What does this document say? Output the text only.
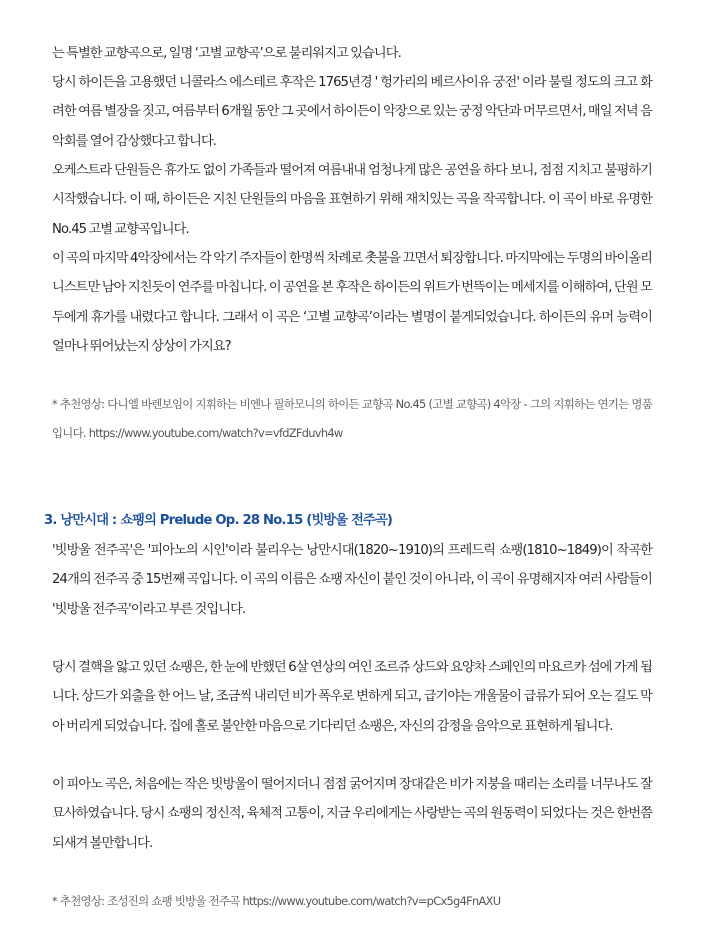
는 특별한 교향곡으로, 일명 ‘고별 교향곡’으로 불리워지고 있습니다.
당시 하이든을 고용했던 니콜라스 에스테르 후작은 1765년경 ' 헝가리의 베르사이유 궁전' 이라 불릴 정도의 크고 화려한 여름 별장을 짓고, 여름부터 6개월 동안 그 곳에서 하이든이 악장으로 있는 궁정 악단과 머무르면서, 매일 저녁 음악회를 열어 감상했다고 합니다.
오케스트라 단원들은 휴가도 없이 가족들과 떨어져 여름내내 엄청나게 많은 공연을 하다 보니, 점점 지치고 불평하기 시작했습니다. 이 때, 하이든은 지친 단원들의 마음을 표현하기 위해 재치있는 곡을 작곡합니다. 이 곡이 바로 유명한 No.45 고별 교향곡입니다.
이 곡의 마지막 4악장에서는 각 악기 주자들이 한명씩 차례로 촛불을 끄면서 퇴장합니다. 마지막에는 두명의 바이올리니스트만 남아 지친듯이 연주를 마칩니다. 이 공연을 본 후작은 하이든의 위트가 번뜩이는 메세지를 이해하여, 단원 모두에게 휴가를 내렸다고 합니다. 그래서 이 곡은 ‘고별 교향곡’이라는 별명이 붙게되었습니다. 하이든의 유머 능력이 얼마나 뛰어났는지 상상이 가지요?
* 추천영상: 다니엘 바렌보임이 지휘하는 비엔나 필하모니의 하이든 교향곡 No.45 (고별 교향곡) 4악장 - 그의 지휘하는 연기는 명품입니다. https://www.youtube.com/watch?v=vfdZFduvh4w
3. 낭만시대 : 쇼팽의 Prelude Op. 28 No.15 (빗방울 전주곡)
'빗방울 전주곡'은 '피아노의 시인'이라 불리우는 낭만시대(1820~1910)의 프레드릭 쇼팽(1810~1849)이 작곡한 24개의 전주곡 중 15번째 곡입니다. 이 곡의 이름은 쇼팽 자신이 붙인 것이 아니라, 이 곡이 유명해지자 여러 사람들이 '빗방울 전주곡'이라고 부른 것입니다.
당시 결핵을 앓고 있던 쇼팽은, 한 눈에 반했던 6살 연상의 여인 조르쥬 상드와 요양차 스페인의 마요르카 섬에 가게 됩니다. 상드가 외출을 한 어느 날, 조금씩 내리던 비가 폭우로 변하게 되고, 급기야는 개울물이 급류가 되어 오는 길도 막아 버리게 되었습니다. 집에 홀로 불안한 마음으로 기다리던 쇼팽은, 자신의 감정을 음악으로 표현하게 됩니다.
이 피아노 곡은, 처음에는 작은 빗방울이 떨어지더니 점점 굵어지며 장대같은 비가 지붕을 때리는 소리를 너무나도 잘 묘사하였습니다. 당시 쇼팽의 정신적, 육체적 고통이, 지금 우리에게는 사랑받는 곡의 원동력이 되었다는 것은 한번쯤 되새겨 볼만합니다.
* 추천영상: 조성진의 쇼팽 빗방울 전주곡 https://www.youtube.com/watch?v=pCx5g4FnAXU
